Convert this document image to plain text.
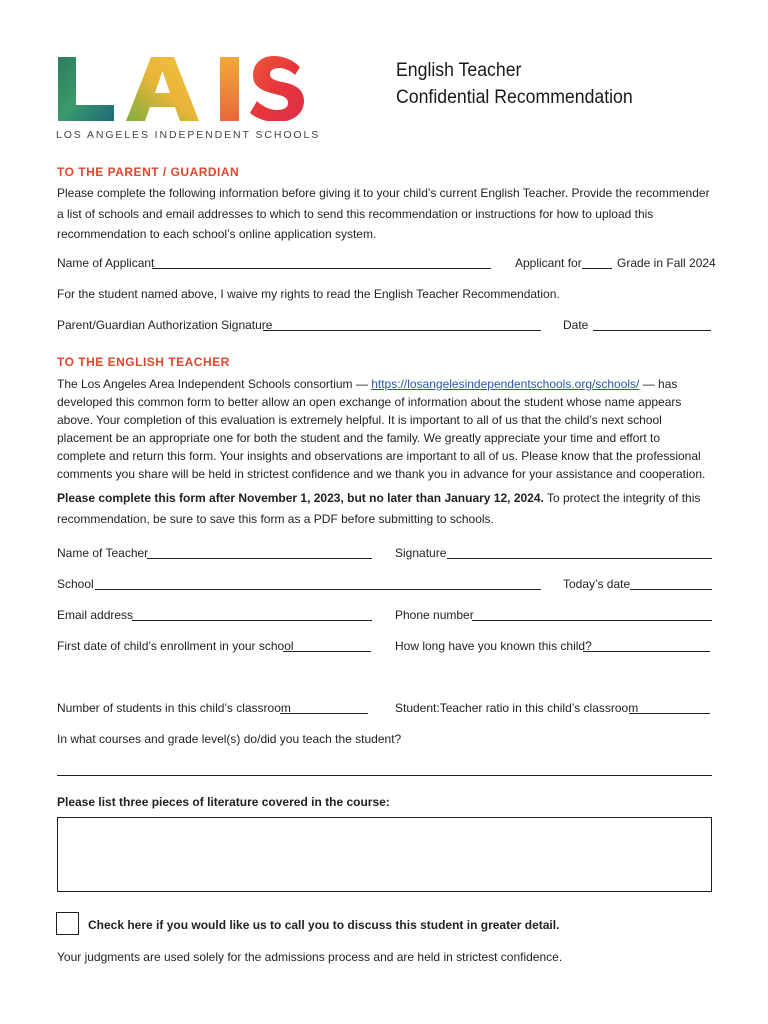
LOS ANGELES INDEPENDENT SCHOOLS
English Teacher
Confidential Recommendation
TO THE PARENT / GUARDIAN
Please complete the following information before giving it to your child’s current English Teacher. Provide the recommender a list of schools and email addresses to which to send this recommendation or instructions for how to upload this recommendation to each school’s online application system.
Name of Applicant	Applicant for	Grade in Fall 2024
For the student named above, I waive my rights to read the English Teacher Recommendation.
Parent/Guardian Authorization Signature	Date
TO THE ENGLISH TEACHER
The Los Angeles Area Independent Schools consortium — https://losangelesindependentschools.org/schools/ — has developed this common form to better allow an open exchange of information about the student whose name appears above. Your completion of this evaluation is extremely helpful. It is important to all of us that the child’s next school placement be an appropriate one for both the student and the family. We greatly appreciate your time and effort to complete and return this form. Your insights and observations are important to all of us. Please know that the professional comments you share will be held in strictest confidence and we thank you in advance for your assistance and cooperation.
Please complete this form after November 1, 2023, but no later than January 12, 2024. To protect the integrity of this recommendation, be sure to save this form as a PDF before submitting to schools.
Name of Teacher	Signature
School	Today’s date
Email address	Phone number
First date of child’s enrollment in your school	How long have you known this child?
Number of students in this child’s classroom	Student:Teacher ratio in this child’s classroom
In what courses and grade level(s) do/did you teach the student?
Please list three pieces of literature covered in the course:
Check here if you would like us to call you to discuss this student in greater detail.
Your judgments are used solely for the admissions process and are held in strictest confidence.
